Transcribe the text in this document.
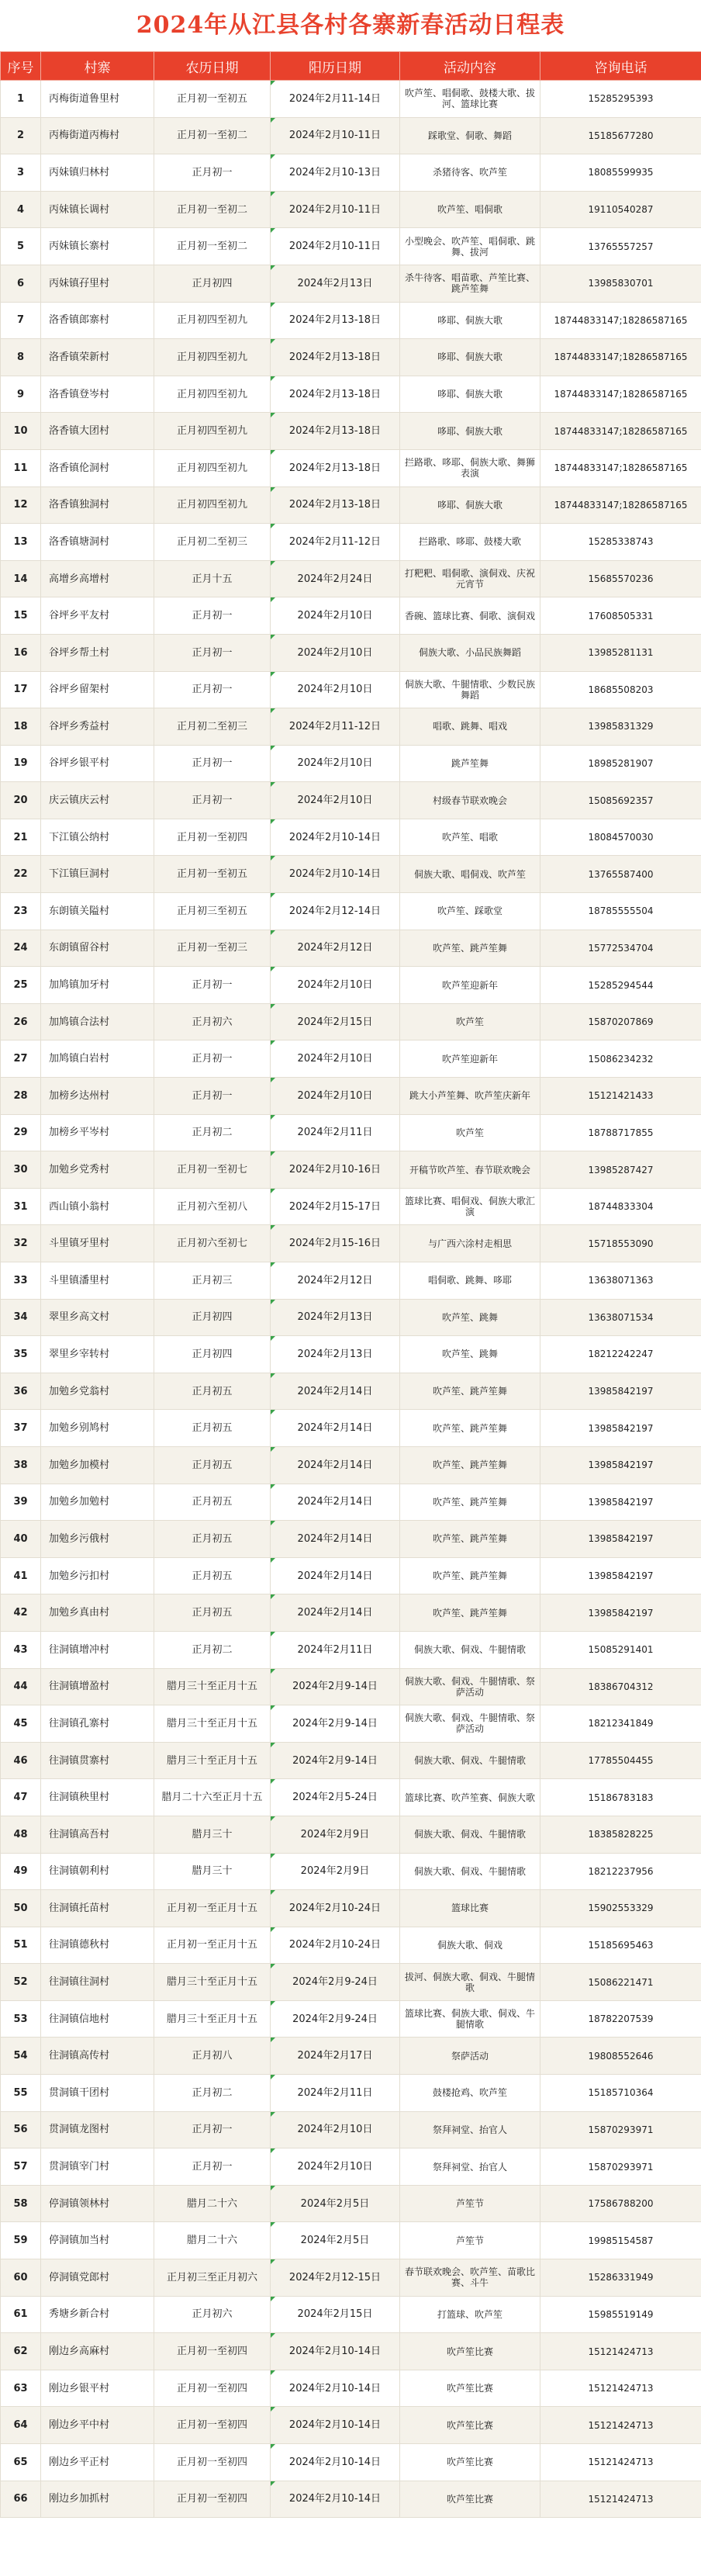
2024年从江县各村各寨新春活动日程表
序号	村寨	农历日期	阳历日期	活动内容	咨询电话
1	丙梅街道鲁里村	正月初一至初五	2024年2月11-14日	吹芦笙、唱侗歌、鼓楼大歌、拔河、篮球比赛	15285295393
2	丙梅街道丙梅村	正月初一至初二	2024年2月10-11日	踩歌堂、侗歌、舞蹈	15185677280
3	丙妹镇归林村	正月初一	2024年2月10-13日	杀猪待客、吹芦笙	18085599935
4	丙妹镇长调村	正月初一至初二	2024年2月10-11日	吹芦笙、唱侗歌	19110540287
5	丙妹镇长寨村	正月初一至初二	2024年2月10-11日	小型晚会、吹芦笙、唱侗歌、跳舞、拔河	13765557257
6	丙妹镇孖里村	正月初四	2024年2月13日	杀牛待客、唱苗歌、芦笙比赛、跳芦笙舞	13985830701
7	洛香镇郎寨村	正月初四至初九	2024年2月13-18日	哆耶、侗族大歌	18744833147;18286587165
8	洛香镇荣新村	正月初四至初九	2024年2月13-18日	哆耶、侗族大歌	18744833147;18286587165
9	洛香镇登岑村	正月初四至初九	2024年2月13-18日	哆耶、侗族大歌	18744833147;18286587165
10	洛香镇大团村	正月初四至初九	2024年2月13-18日	哆耶、侗族大歌	18744833147;18286587165
11	洛香镇伦洞村	正月初四至初九	2024年2月13-18日	拦路歌、哆耶、侗族大歌、舞狮表演	18744833147;18286587165
12	洛香镇独洞村	正月初四至初九	2024年2月13-18日	哆耶、侗族大歌	18744833147;18286587165
13	洛香镇塘洞村	正月初二至初三	2024年2月11-12日	拦路歌、哆耶、鼓楼大歌	15285338743
14	高增乡高增村	正月十五	2024年2月24日	打粑粑、唱侗歌、演侗戏、庆祝元宵节	15685570236
15	谷坪乡平友村	正月初一	2024年2月10日	香碗、篮球比赛、侗歌、演侗戏	17608505331
16	谷坪乡帮土村	正月初一	2024年2月10日	侗族大歌、小品民族舞蹈	13985281131
17	谷坪乡留架村	正月初一	2024年2月10日	侗族大歌、牛腿情歌、少数民族舞蹈	18685508203
18	谷坪乡秀益村	正月初二至初三	2024年2月11-12日	唱歌、跳舞、唱戏	13985831329
19	谷坪乡银平村	正月初一	2024年2月10日	跳芦笙舞	18985281907
20	庆云镇庆云村	正月初一	2024年2月10日	村级春节联欢晚会	15085692357
21	下江镇公纳村	正月初一至初四	2024年2月10-14日	吹芦笙、唱歌	18084570030
22	下江镇巨洞村	正月初一至初五	2024年2月10-14日	侗族大歌、唱侗戏、吹芦笙	13765587400
23	东朗镇关隘村	正月初三至初五	2024年2月12-14日	吹芦笙、踩歌堂	18785555504
24	东朗镇留谷村	正月初一至初三	2024年2月12日	吹芦笙、跳芦笙舞	15772534704
25	加鸠镇加牙村	正月初一	2024年2月10日	吹芦笙迎新年	15285294544
26	加鸠镇合法村	正月初六	2024年2月15日	吹芦笙	15870207869
27	加鸠镇白岩村	正月初一	2024年2月10日	吹芦笙迎新年	15086234232
28	加榜乡达州村	正月初一	2024年2月10日	跳大小芦笙舞、吹芦笙庆新年	15121421433
29	加榜乡平岑村	正月初二	2024年2月11日	吹芦笙	18788717855
30	加勉乡党秀村	正月初一至初七	2024年2月10-16日	开稿节吹芦笙、春节联欢晚会	13985287427
31	西山镇小翁村	正月初六至初八	2024年2月15-17日	篮球比赛、唱侗戏、侗族大歌汇演	18744833304
32	斗里镇牙里村	正月初六至初七	2024年2月15-16日	与广西六涂村走相思	15718553090
33	斗里镇潘里村	正月初三	2024年2月12日	唱侗歌、跳舞、哆耶	13638071363
34	翠里乡高文村	正月初四	2024年2月13日	吹芦笙、跳舞	13638071534
35	翠里乡宰转村	正月初四	2024年2月13日	吹芦笙、跳舞	18212242247
36	加勉乡党翁村	正月初五	2024年2月14日	吹芦笙、跳芦笙舞	13985842197
37	加勉乡别鸠村	正月初五	2024年2月14日	吹芦笙、跳芦笙舞	13985842197
38	加勉乡加模村	正月初五	2024年2月14日	吹芦笙、跳芦笙舞	13985842197
39	加勉乡加勉村	正月初五	2024年2月14日	吹芦笙、跳芦笙舞	13985842197
40	加勉乡污俄村	正月初五	2024年2月14日	吹芦笙、跳芦笙舞	13985842197
41	加勉乡污扣村	正月初五	2024年2月14日	吹芦笙、跳芦笙舞	13985842197
42	加勉乡真由村	正月初五	2024年2月14日	吹芦笙、跳芦笙舞	13985842197
43	往洞镇增冲村	正月初二	2024年2月11日	侗族大歌、侗戏、牛腿情歌	15085291401
44	往洞镇增盈村	腊月三十至正月十五	2024年2月9-14日	侗族大歌、侗戏、牛腿情歌、祭萨活动	18386704312
45	往洞镇孔寨村	腊月三十至正月十五	2024年2月9-14日	侗族大歌、侗戏、牛腿情歌、祭萨活动	18212341849
46	往洞镇贯寨村	腊月三十至正月十五	2024年2月9-14日	侗族大歌、侗戏、牛腿情歌	17785504455
47	往洞镇秧里村	腊月二十六至正月十五	2024年2月5-24日	篮球比赛、吹芦笙赛、侗族大歌	15186783183
48	往洞镇高吾村	腊月三十	2024年2月9日	侗族大歌、侗戏、牛腿情歌	18385828225
49	往洞镇朝利村	腊月三十	2024年2月9日	侗族大歌、侗戏、牛腿情歌	18212237956
50	往洞镇托苗村	正月初一至正月十五	2024年2月10-24日	篮球比赛	15902553329
51	往洞镇德秋村	正月初一至正月十五	2024年2月10-24日	侗族大歌、侗戏	15185695463
52	往洞镇往洞村	腊月三十至正月十五	2024年2月9-24日	拔河、侗族大歌、侗戏、牛腿情歌	15086221471
53	往洞镇信地村	腊月三十至正月十五	2024年2月9-24日	篮球比赛、侗族大歌、侗戏、牛腿情歌	18782207539
54	往洞镇高传村	正月初八	2024年2月17日	祭萨活动	19808552646
55	贯洞镇干团村	正月初二	2024年2月11日	鼓楼抢鸡、吹芦笙	15185710364
56	贯洞镇龙图村	正月初一	2024年2月10日	祭拜祠堂、抬官人	15870293971
57	贯洞镇宰门村	正月初一	2024年2月10日	祭拜祠堂、抬官人	15870293971
58	停洞镇领林村	腊月二十六	2024年2月5日	芦笙节	17586788200
59	停洞镇加当村	腊月二十六	2024年2月5日	芦笙节	19985154587
60	停洞镇党郎村	正月初三至正月初六	2024年2月12-15日	春节联欢晚会、吹芦笙、苗歌比赛、斗牛	15286331949
61	秀塘乡新合村	正月初六	2024年2月15日	打篮球、吹芦笙	15985519149
62	刚边乡高麻村	正月初一至初四	2024年2月10-14日	吹芦笙比赛	15121424713
63	刚边乡银平村	正月初一至初四	2024年2月10-14日	吹芦笙比赛	15121424713
64	刚边乡平中村	正月初一至初四	2024年2月10-14日	吹芦笙比赛	15121424713
65	刚边乡平正村	正月初一至初四	2024年2月10-14日	吹芦笙比赛	15121424713
66	刚边乡加抓村	正月初一至初四	2024年2月10-14日	吹芦笙比赛	15121424713
